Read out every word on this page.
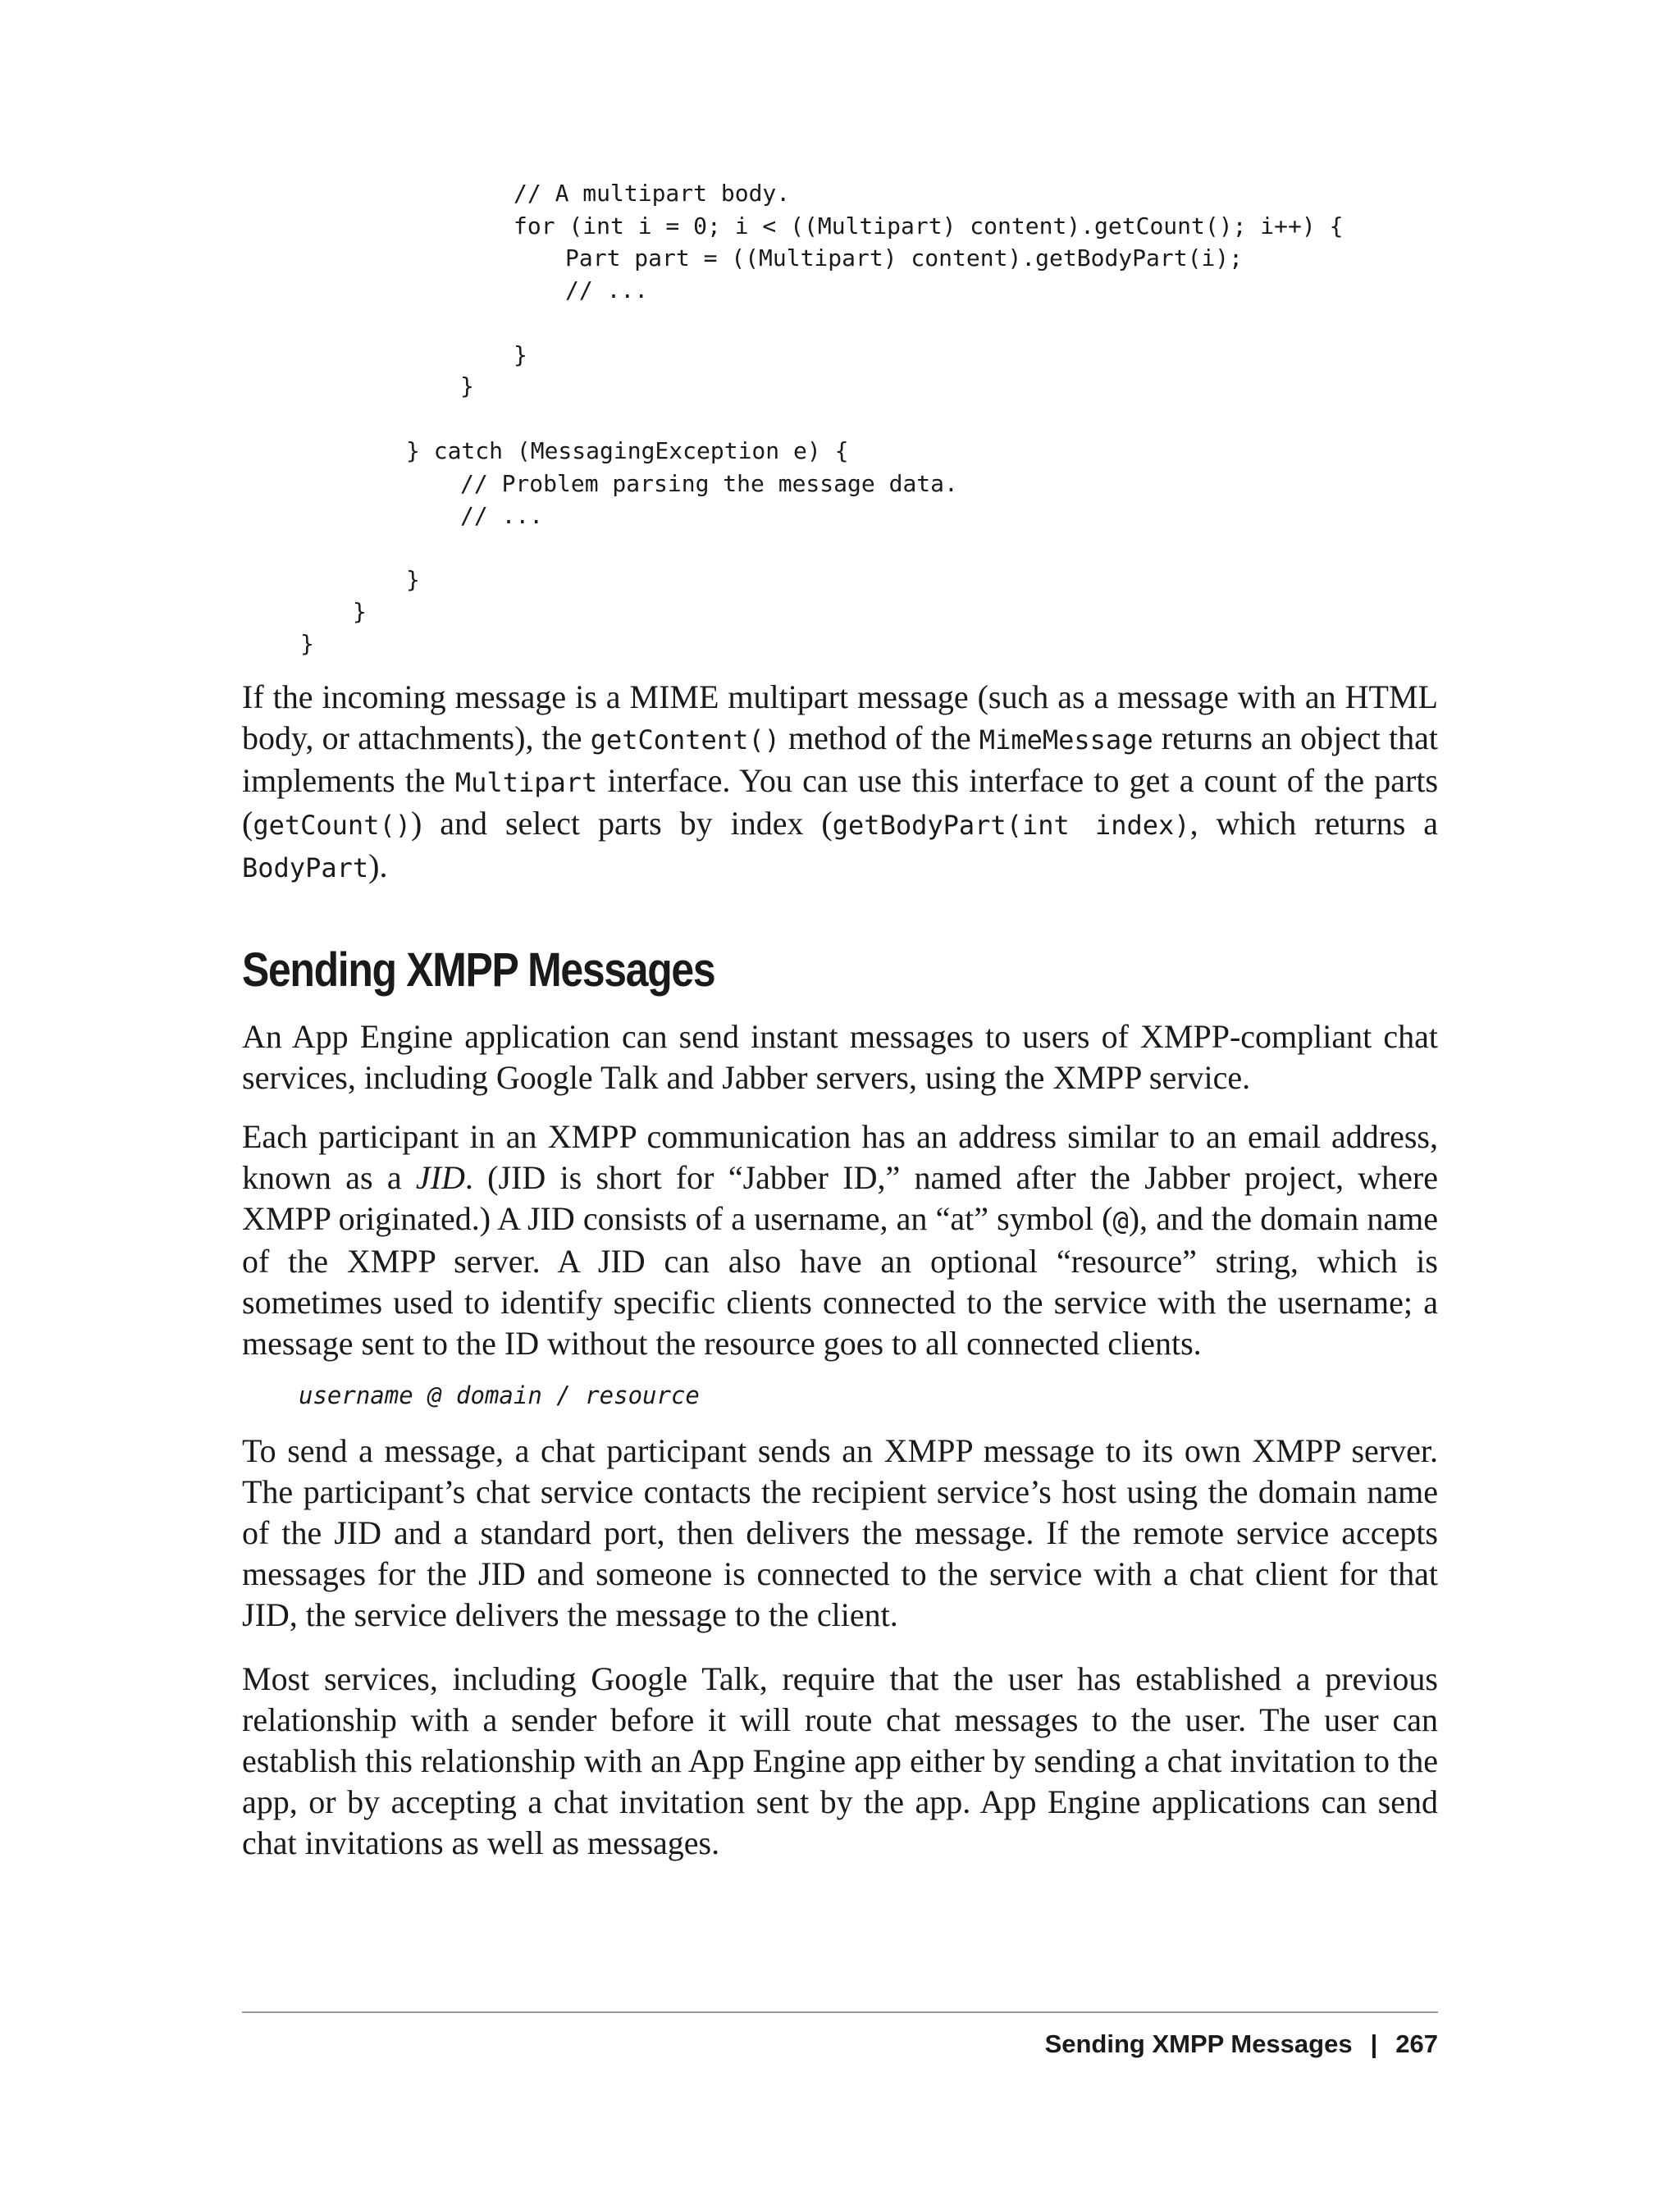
// A multipart body.
for (int i = 0; i < ((Multipart) content).getCount(); i++) {
Part part = ((Multipart) content).getBodyPart(i);
// ...
}
}
} catch (MessagingException e) {
// Problem parsing the message data.
// ...
}
}
}

If the incoming message is a MIME multipart message (such as a message with an HTML body, or attachments), the getContent() method of the MimeMessage returns an object that implements the Multipart interface. You can use this interface to get a count of the parts (getCount()) and select parts by index (getBodyPart(int index), which returns a BodyPart).

Sending XMPP Messages

An App Engine application can send instant messages to users of XMPP-compliant chat services, including Google Talk and Jabber servers, using the XMPP service.

Each participant in an XMPP communication has an address similar to an email address, known as a JID. (JID is short for “Jabber ID,” named after the Jabber project, where XMPP originated.) A JID consists of a username, an “at” symbol (@), and the domain name of the XMPP server. A JID can also have an optional “resource” string, which is sometimes used to identify specific clients connected to the service with the username; a message sent to the ID without the resource goes to all connected clients.

username @ domain / resource

To send a message, a chat participant sends an XMPP message to its own XMPP server. The participant’s chat service contacts the recipient service’s host using the domain name of the JID and a standard port, then delivers the message. If the remote service accepts messages for the JID and someone is connected to the service with a chat client for that JID, the service delivers the message to the client.

Most services, including Google Talk, require that the user has established a previous relationship with a sender before it will route chat messages to the user. The user can establish this relationship with an App Engine app either by sending a chat invitation to the app, or by accepting a chat invitation sent by the app. App Engine applications can send chat invitations as well as messages.

Sending XMPP Messages | 267
